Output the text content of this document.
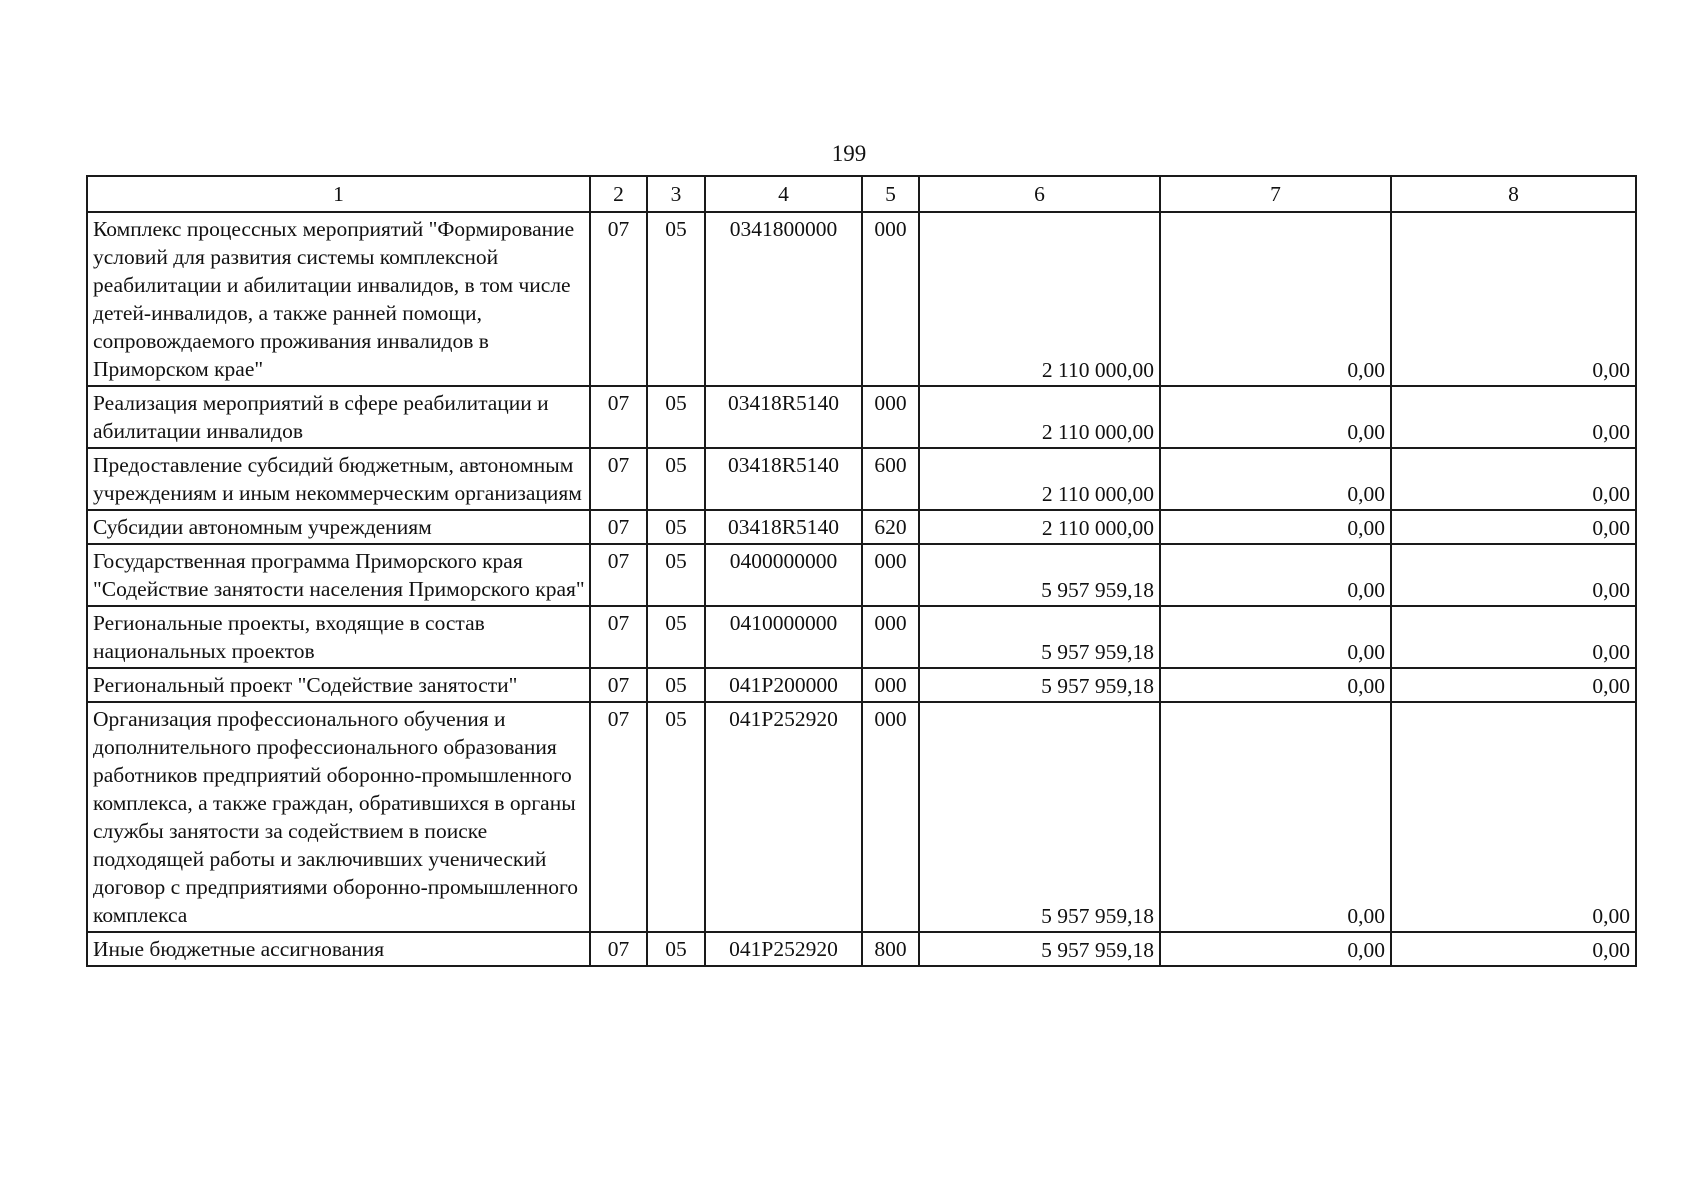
199
1	2	3	4	5	6	7	8
Комплекс процессных мероприятий "Формирование условий для развития системы комплексной реабилитации и абилитации инвалидов, в том числе детей-инвалидов, а также ранней помощи, сопровождаемого проживания инвалидов в Приморском крае"	07	05	0341800000	000	2 110 000,00	0,00	0,00
Реализация мероприятий в сфере реабилитации и абилитации инвалидов	07	05	03418R5140	000	2 110 000,00	0,00	0,00
Предоставление субсидий бюджетным, автономным учреждениям и иным некоммерческим организациям	07	05	03418R5140	600	2 110 000,00	0,00	0,00
Субсидии автономным учреждениям	07	05	03418R5140	620	2 110 000,00	0,00	0,00
Государственная программа Приморского края "Содействие занятости населения Приморского края"	07	05	0400000000	000	5 957 959,18	0,00	0,00
Региональные проекты, входящие в состав национальных проектов	07	05	0410000000	000	5 957 959,18	0,00	0,00
Региональный проект "Содействие занятости"	07	05	041P200000	000	5 957 959,18	0,00	0,00
Организация профессионального обучения и дополнительного профессионального образования работников предприятий оборонно-промышленного комплекса, а также граждан, обратившихся в органы службы занятости за содействием в поиске подходящей работы и заключивших ученический договор с предприятиями оборонно-промышленного комплекса	07	05	041P252920	000	5 957 959,18	0,00	0,00
Иные бюджетные ассигнования	07	05	041P252920	800	5 957 959,18	0,00	0,00
